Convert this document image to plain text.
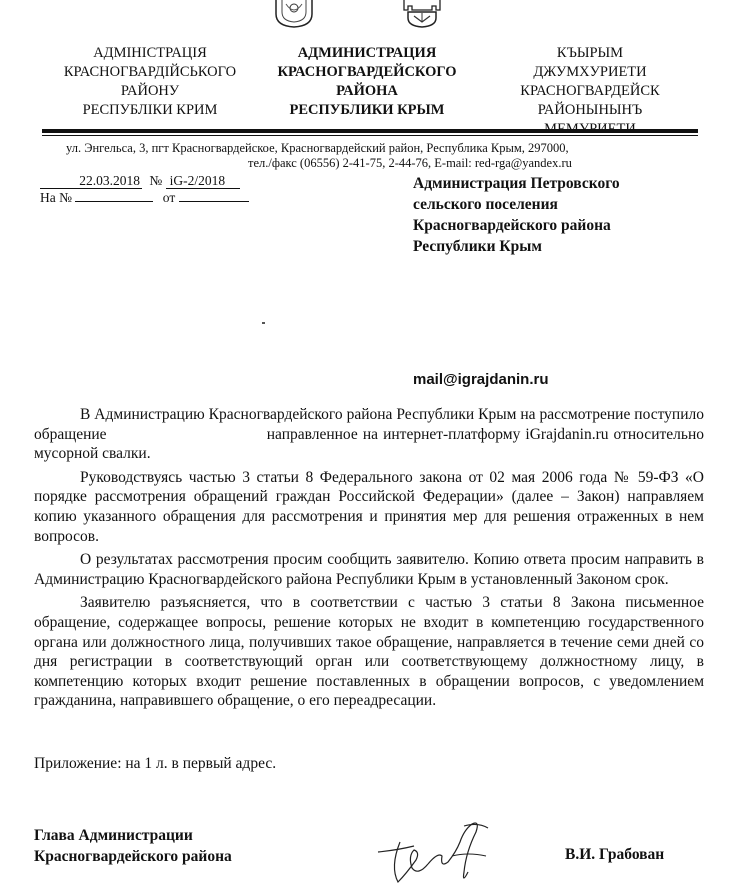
АДМІНІСТРАЦІЯ
КРАСНОГВАРДІЙСЬКОГО
РАЙОНУ
РЕСПУБЛІКИ КРИМ
АДМИНИСТРАЦИЯ
КРАСНОГВАРДЕЙСКОГО
РАЙОНА
РЕСПУБЛИКИ КРЫМ
КЪЫРЫМ
ДЖУМХУРИЕТИ
КРАСНОГВАРДЕЙСК
РАЙОНЫНЫНЪ
ул. Энгельса, 3, пгт Красногвардейское, Красногвардейский район, Республика Крым, 297000,
тел./факс (06556) 2-41-75, 2-44-76, E-mail: red-rga@yandex.ru
22.03.2018 № iG-2/2018
На №	от
Администрация Петровского
сельского поселения
Красногвардейского района
Республики Крым
mail@igrajdanin.ru

В Администрацию Красногвардейского района Республики Крым на рассмотрение поступило обращение	направленное на интернет-платформу iGrajdanin.ru относительно мусорной свалки.

Руководствуясь частью 3 статьи 8 Федерального закона от 02 мая 2006 года № 59-ФЗ «О порядке рассмотрения обращений граждан Российской Федерации» (далее – Закон) направляем копию указанного обращения для рассмотрения и принятия мер для решения отраженных в нем вопросов.

О результатах рассмотрения просим сообщить заявителю. Копию ответа просим направить в Администрацию Красногвардейского района Республики Крым в установленный Законом срок.

Заявителю разъясняется, что в соответствии с частью 3 статьи 8 Закона письменное обращение, содержащее вопросы, решение которых не входит в компетенцию государственного органа или должностного лица, получивших такое обращение, направляется в течение семи дней со дня регистрации в соответствующий орган или соответствующему должностному лицу, в компетенцию которых входит решение поставленных в обращении вопросов, с уведомлением гражданина, направившего обращение, о его переадресации.

Приложение: на 1 л. в первый адрес.
Глава Администрации
Красногвардейского района	В.И. Грабован
